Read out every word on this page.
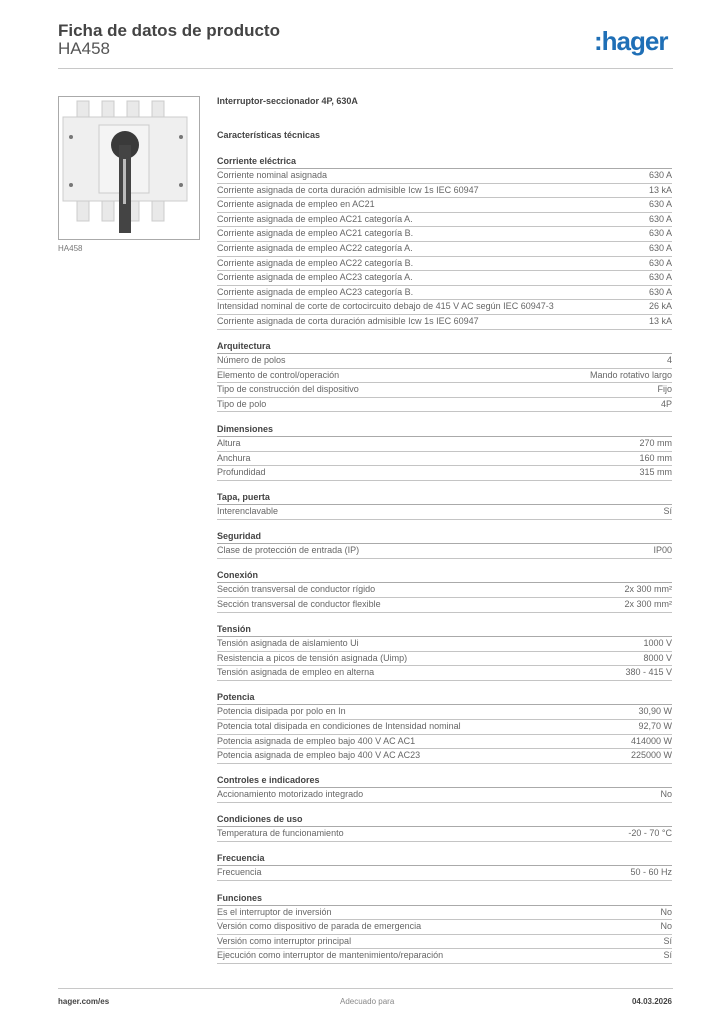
Ficha de datos de producto
HA458	:hager
HA458
Interruptor-seccionador 4P, 630A
Características técnicas
Corriente eléctrica
Corriente nominal asignada	630 A
Corriente asignada de corta duración admisible Icw 1s IEC 60947	13 kA
Corriente asignada de empleo en AC21	630 A
Corriente asignada de empleo AC21 categoría A.	630 A
Corriente asignada de empleo AC21 categoría B.	630 A
Corriente asignada de empleo AC22 categoría A.	630 A
Corriente asignada de empleo AC22 categoría B.	630 A
Corriente asignada de empleo AC23 categoría A.	630 A
Corriente asignada de empleo AC23 categoría B.	630 A
Intensidad nominal de corte de cortocircuito debajo de 415 V AC según IEC 60947-3	26 kA
Corriente asignada de corta duración admisible Icw 1s IEC 60947	13 kA
Arquitectura
Número de polos	4
Elemento de control/operación	Mando rotativo largo
Tipo de construcción del dispositivo	Fijo
Tipo de polo	4P
Dimensiones
Altura	270 mm
Anchura	160 mm
Profundidad	315 mm
Tapa, puerta
Interenclavable	Sí
Seguridad
Clase de protección de entrada (IP)	IP00
Conexión
Sección transversal de conductor rígido	2x 300 mm²
Sección transversal de conductor flexible	2x 300 mm²
Tensión
Tensión asignada de aislamiento Ui	1000 V
Resistencia a picos de tensión asignada (Uimp)	8000 V
Tensión asignada de empleo en alterna	380 - 415 V
Potencia
Potencia disipada por polo en In	30,90 W
Potencia total disipada en condiciones de Intensidad nominal	92,70 W
Potencia asignada de empleo bajo 400 V AC AC1	414000 W
Potencia asignada de empleo bajo 400 V AC AC23	225000 W
Controles e indicadores
Accionamiento motorizado integrado	No
Condiciones de uso
Temperatura de funcionamiento	-20 - 70 °C
Frecuencia
Frecuencia	50 - 60 Hz
Funciones
Es el interruptor de inversión	No
Versión como dispositivo de parada de emergencia	No
Versión como interruptor principal	Sí
Ejecución como interruptor de mantenimiento/reparación	Sí
hager.com/es	Adecuado para	04.03.2026
